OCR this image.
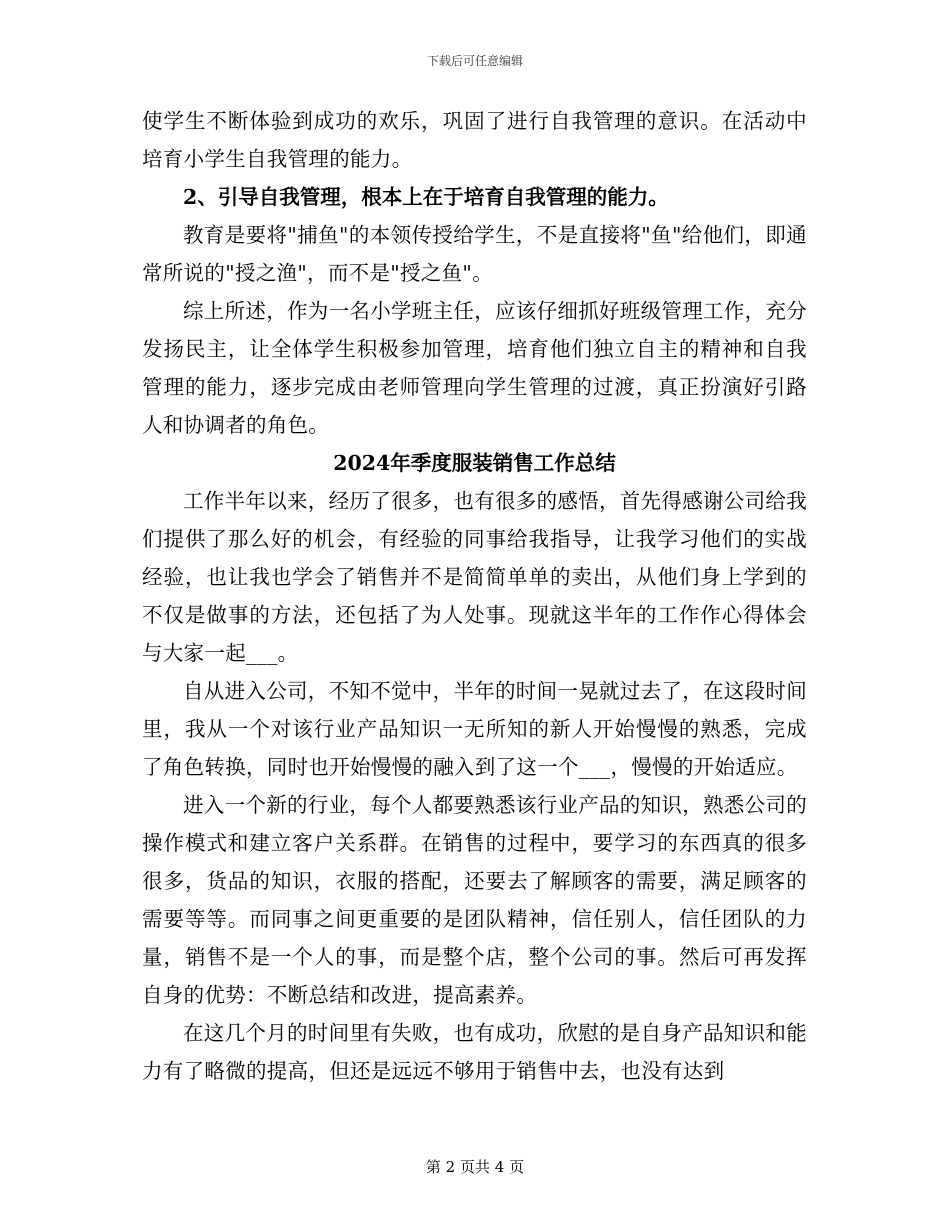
下载后可任意编辑

使学生不断体验到成功的欢乐，巩固了进行自我管理的意识。在活动中培育小学生自我管理的能力。

2、引导自我管理，根本上在于培育自我管理的能力。

教育是要将"捕鱼"的本领传授给学生，不是直接将"鱼"给他们，即通常所说的"授之渔"，而不是"授之鱼"。

综上所述，作为一名小学班主任，应该仔细抓好班级管理工作，充分发扬民主，让全体学生积极参加管理，培育他们独立自主的精神和自我管理的能力，逐步完成由老师管理向学生管理的过渡，真正扮演好引路人和协调者的角色。

2024年季度服装销售工作总结

工作半年以来，经历了很多，也有很多的感悟，首先得感谢公司给我们提供了那么好的机会，有经验的同事给我指导，让我学习他们的实战经验，也让我也学会了销售并不是简简单单的卖出，从他们身上学到的不仅是做事的方法，还包括了为人处事。现就这半年的工作作心得体会与大家一起___。

自从进入公司，不知不觉中，半年的时间一晃就过去了，在这段时间里，我从一个对该行业产品知识一无所知的新人开始慢慢的熟悉，完成了角色转换，同时也开始慢慢的融入到了这一个___，慢慢的开始适应。

进入一个新的行业，每个人都要熟悉该行业产品的知识，熟悉公司的操作模式和建立客户关系群。在销售的过程中，要学习的东西真的很多很多，货品的知识，衣服的搭配，还要去了解顾客的需要，满足顾客的需要等等。而同事之间更重要的是团队精神，信任别人，信任团队的力量，销售不是一个人的事，而是整个店，整个公司的事。然后可再发挥自身的优势：不断总结和改进，提高素养。

在这几个月的时间里有失败，也有成功，欣慰的是自身产品知识和能力有了略微的提高，但还是远远不够用于销售中去，也没有达到

第 2 页共 4 页
